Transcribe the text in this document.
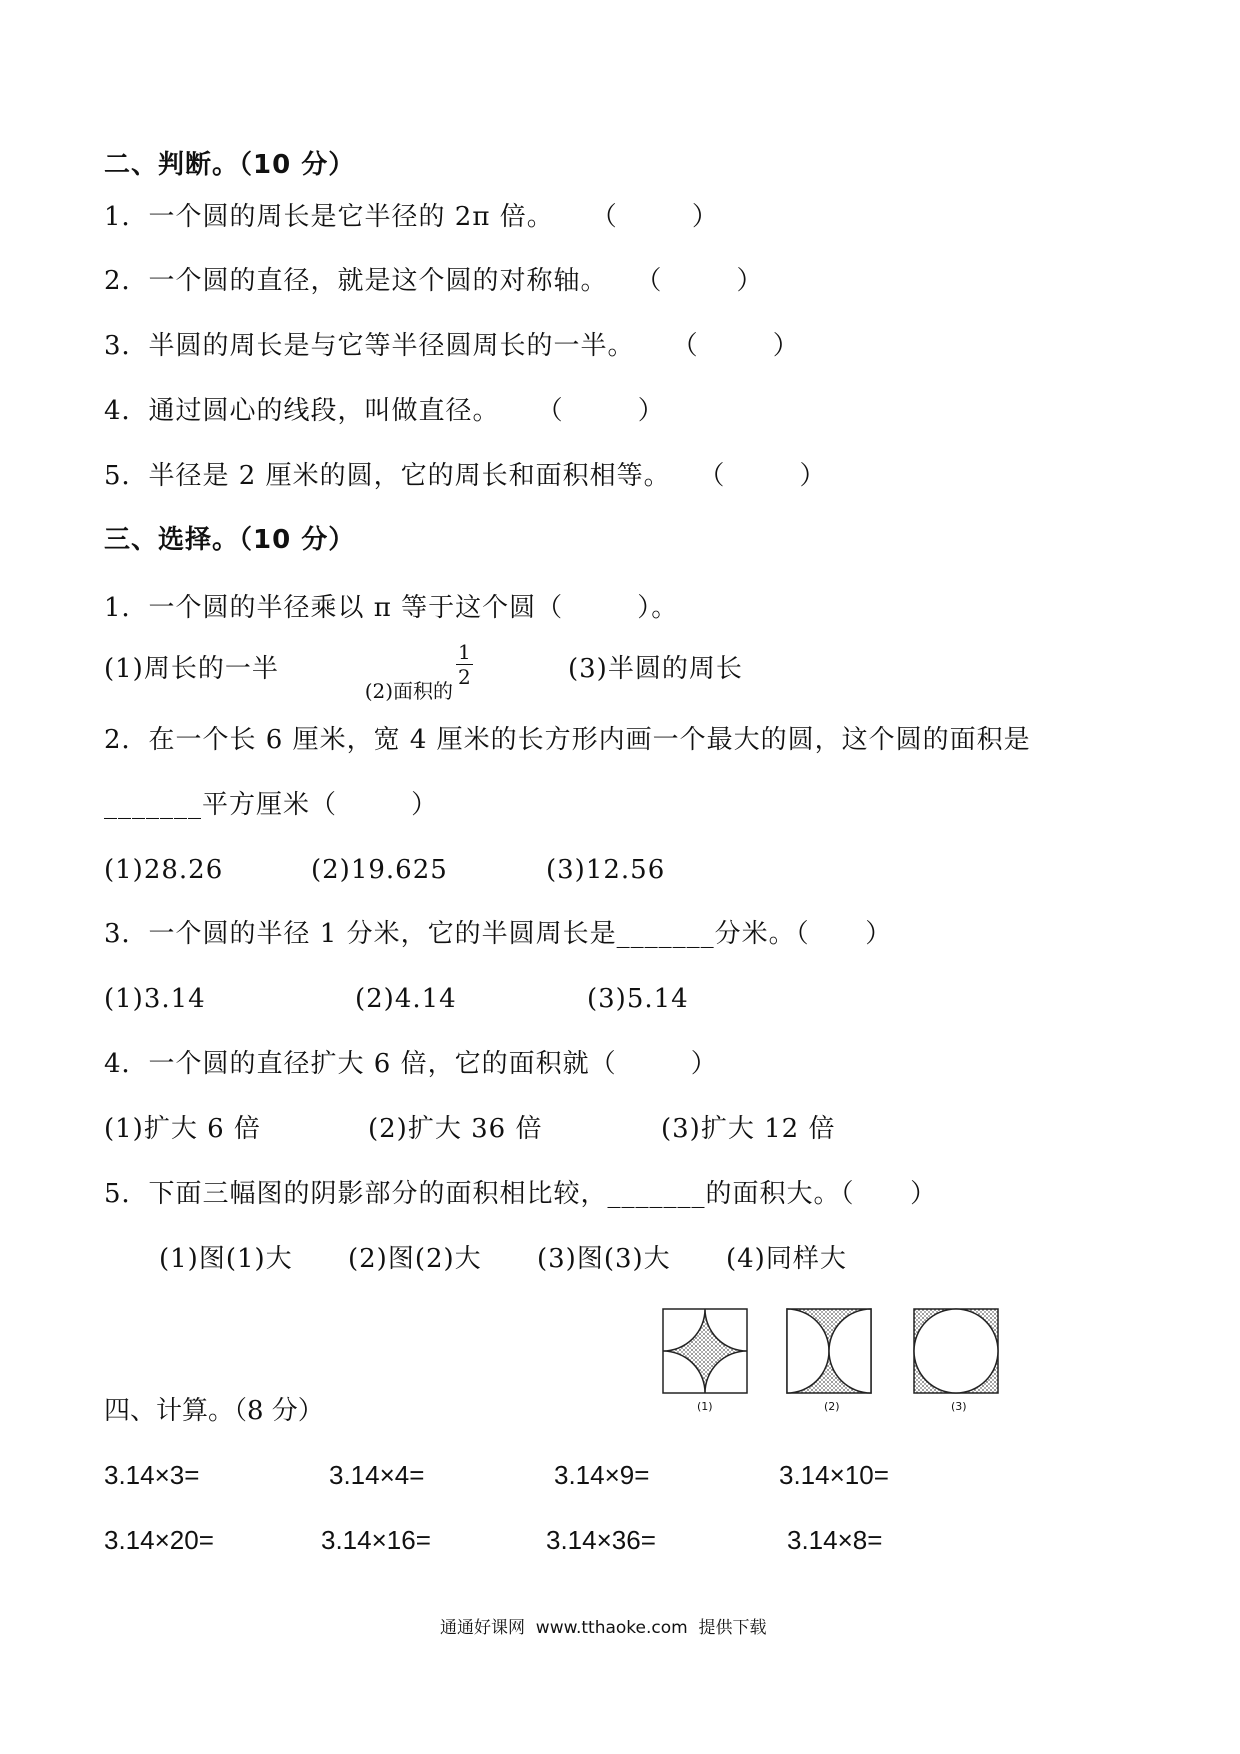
二、判断。（10 分）
1．一个圆的周长是它半径的 2π 倍。    （        ）
2．一个圆的直径，就是这个圆的对称轴。   （        ）
3．半圆的周长是与它等半径圆周长的一半。    （        ）
4．通过圆心的线段，叫做直径。    （        ）
5．半径是 2 厘米的圆，它的周长和面积相等。   （        ）
三、选择。（10 分）
1．一个圆的半径乘以 π 等于这个圆（        ）。
(1)周长的一半

(2)面积的

$\frac{1}{2}$	(3)半圆的周长
2．在一个长 6 厘米，宽 4 厘米的长方形内画一个最大的圆，这个圆的面积是
_______平方厘米（        ）
(1)28.26	(2)19.625	(3)12.56
3．一个圆的半径 1 分米，它的半圆周长是_______分米。（      ）
(1)3.14	(2)4.14	(3)5.14
4．一个圆的直径扩大 6 倍，它的面积就（        ）
(1)扩大 6 倍	(2)扩大 36 倍	(3)扩大 12 倍
5．下面三幅图的阴影部分的面积相比较，_______的面积大。（      ）
(1)图(1)大 (2)图(2)大 (3)图(3)大 (4)同样大
(1)	(2)	(3)
四、计算。（8 分）
3.14×3=	3.14×4=	3.14×9=	3.14×10=
3.14×20=	3.14×16=	3.14×36=	3.14×8=
通通好课网  www.tthaoke.com  提供下载
